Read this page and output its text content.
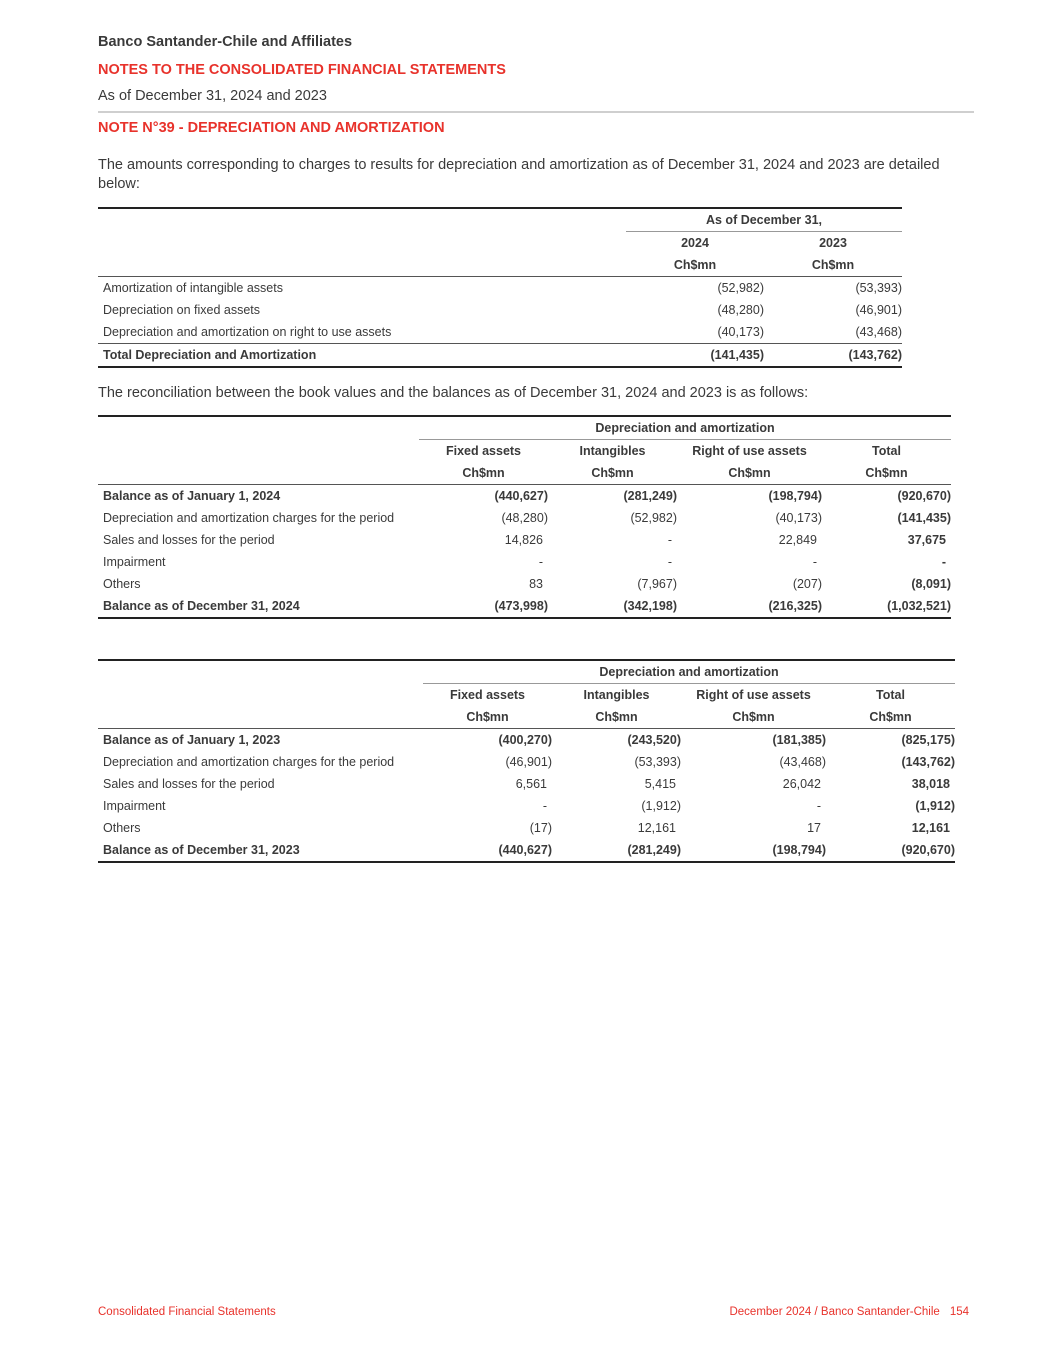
Banco Santander-Chile and Affiliates
NOTES TO THE CONSOLIDATED FINANCIAL STATEMENTS
As of December 31, 2024 and 2023
NOTE N°39 - DEPRECIATION AND AMORTIZATION
The amounts corresponding to charges to results for depreciation and amortization as of December 31, 2024 and 2023 are detailed below:
	As of December 31,	
	2024	2023
	Ch$mn	Ch$mn
Amortization of intangible assets	(52,982)	(53,393)
Depreciation on fixed assets	(48,280)	(46,901)
Depreciation and amortization on right to use assets	(40,173)	(43,468)
Total Depreciation and Amortization	(141,435)	(143,762)
The reconciliation between the book values and the balances as of December 31, 2024 and 2023 is as follows:
	Depreciation and amortization			
	Fixed assets	Intangibles	Right of use assets	Total
	Ch$mn	Ch$mn	Ch$mn	Ch$mn
Balance as of January 1, 2024	(440,627)	(281,249)	(198,794)	(920,670)
Depreciation and amortization charges for the period	(48,280)	(52,982)	(40,173)	(141,435)
Sales and losses for the period	14,826	-	22,849	37,675
Impairment	-	-	-	-
Others	83	(7,967)	(207)	(8,091)
Balance as of December 31, 2024	(473,998)	(342,198)	(216,325)	(1,032,521)
	Depreciation and amortization			
	Fixed assets	Intangibles	Right of use assets	Total
	Ch$mn	Ch$mn	Ch$mn	Ch$mn
Balance as of January 1, 2023	(400,270)	(243,520)	(181,385)	(825,175)
Depreciation and amortization charges for the period	(46,901)	(53,393)	(43,468)	(143,762)
Sales and losses for the period	6,561	5,415	26,042	38,018
Impairment	-	(1,912)	-	(1,912)
Others	(17)	12,161	17	12,161
Balance as of December 31, 2023	(440,627)	(281,249)	(198,794)	(920,670)
Consolidated Financial Statements	December 2024 / Banco Santander-Chile 154
